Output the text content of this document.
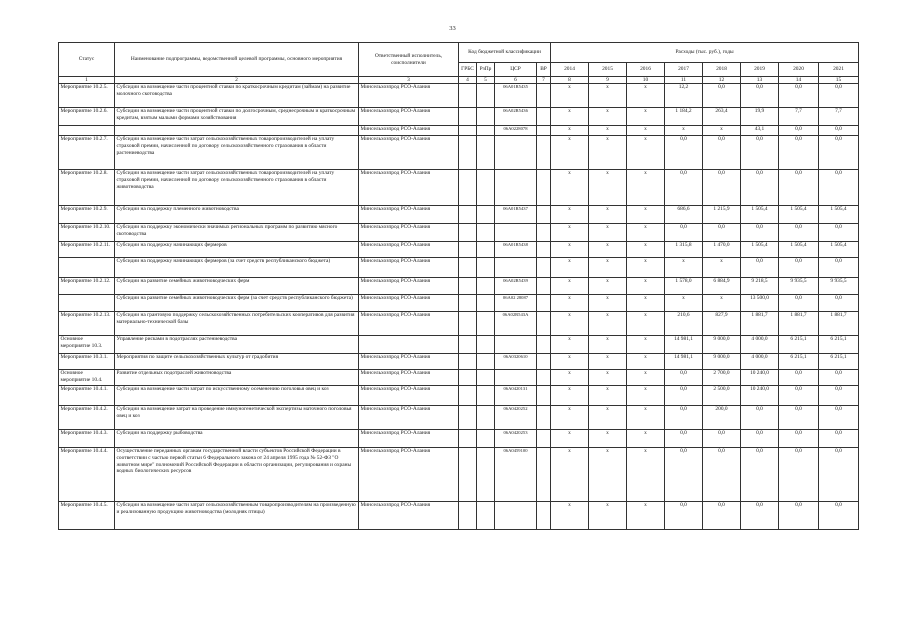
33
Статус	Наименование подпрограммы, ведомственной целевой программы, основного мероприятия	Ответственный исполнитель, соисполнители	Код бюджетной классификации				Расходы (тыс. руб.), годы							
			ГРБС	РзПр	ЦСР	ВР	2014	2015	2016	2017	2018	2019	2020	2021
1	2	3	4	5	6	7	8	9	10	11	12	13	14	15
Мероприятие 10.2.5.	Субсидии на возмещение части процентной ставки по краткосрочным кредитам (займам) на развитие молочного скотоводства	Минсельхозпрод РСО-Алания			06А01R5435		х	х	х	12,2	0,0	0,0	0,0	0,0
Мероприятие 10.2.6.	Субсидии на возмещение части процентной ставки по долгосрочным, среднесрочным и краткосрочным кредитам, взятым малыми формами хозяйствования	Минсельхозпрод РСО-Алания			06А02R5436		х	х	х	1 184,2	263,4	19,9	7,7	7,7
		Минсельхозпрод РСО-Алания			06А0228078		х	х	х	х	х	43,1	0,0	0,0
Мероприятие 10.2.7.	Субсидии на возмещение части затрат сельскохозяйственных товаропроизводителей на уплату страховой премии, начисленной по договору сельскохозяйственного страхования в области растениеводства	Минсельхозпрод РСО-Алания					х	х	х	0,0	0,0	0,0	0,0	0,0
Мероприятие 10.2.8.	Субсидии на возмещение части затрат сельскохозяйственных товаропроизводителей на уплату страховой премии, начисленной по договору сельскохозяйственного страхования в области животноводства	Минсельхозпрод РСО-Алания					х	х	х	0,0	0,0	0,0	0,0	0,0
Мероприятие 10.2.9.	Субсидии на поддержку племенного животноводства	Минсельхозпрод РСО-Алания			06А01R5437		х	х	х	686,6	1 215,9	1 505,4	1 505,4	1 505,4
Мероприятие 10.2.10.	Субсидии на поддержку экономически значимых региональных программ по развитию мясного скотоводства	Минсельхозпрод РСО-Алания					х	х	х	0,0	0,0	0,0	0,0	0,0
Мероприятие 10.2.11.	Субсидии на поддержку начинающих фермеров	Минсельхозпрод РСО-Алания			06А01R5438		х	х	х	1 315,8	1 470,0	1 505,4	1 505,4	1 505,4
	Субсидии на поддержку начинающих фермеров (за счет средств республиканского бюджета)	Минсельхозпрод РСО-Алания					х	х	х	х	х	0,0	0,0	0,0
Мероприятие 10.2.12.	Субсидии на развитие семейных животноводческих ферм	Минсельхозпрод РСО-Алания			06А02R5439		х	х	х	1 578,0	6 884,9	9 218,5	9 935,5	9 935,5
	Субсидии на развитие семейных животноводческих ферм (за счет средств республиканского бюджета)	Минсельхозпрод РСО-Алания			06А02 28087		х	х	х	х	х	13 500,0	0,0	0,0
Мероприятие 10.2.13.	Субсидии на грантовую поддержку сельскохозяйственных потребительских кооперативов для развития материально-технической базы	Минсельхозпрод РСО-Алания			06А02R543А		х	х	х	210,6	827,9	1 881,7	1 881,7	1 881,7
Основное мероприятие 10.3.	Управление рисками в подотраслях растениеводства						х	х	х	14 981,1	9 000,0	4 000,0	6 215,1	6 215,1
Мероприятие 10.3.1.	Мероприятия по защите сельскохозяйственных культур от градобития	Минсельхозпрод РСО-Алания			06А0320610		х	х	х	14 981,1	9 000,0	4 000,0	6 215,1	6 215,1
Основное мероприятие 10.4.	Развитие отдельных подотраслей животноводства	Минсельхозпрод РСО-Алания					х	х	х	0,0	2 700,0	10 240,0	0,0	0,0
Мероприятие 10.4.1.	Субсидии на возмещение части затрат по искусственному осеменению поголовья овец и коз	Минсельхозпрод РСО-Алания			06А0420131		х	х	х	0,0	2 500,0	10 240,0	0,0	0,0
Мероприятие 10.4.2.	Субсидии на возмещение затрат на проведение иммуногенетической экспертизы маточного поголовья овец и коз	Минсельхозпрод РСО-Алания			06А0420252		х	х	х	0,0	200,0	0,0	0,0	0,0
Мероприятие 10.4.3.	Субсидии на поддержку рыбоводства	Минсельхозпрод РСО-Алания			06А0420253		х	х	х	0,0	0,0	0,0	0,0	0,0
Мероприятие 10.4.4.	Осуществление переданных органам государственной власти субъектов Российской Федерации в соответствии с частью первой статьи 6 Федерального закона от 24 апреля 1995 года № 52-ФЗ "О животном мире" полномочий Российской Федерации в области организации, регулирования и охраны водных биологических ресурсов	Минсельхозпрод РСО-Алания			06А0459100		х	х	х	0,0	0,0	0,0	0,0	0,0
Мероприятие 10.4.5.	Субсидии на возмещение части затрат сельскохозяйственным товаропроизводителям на произведенную и реализованную продукцию животноводства (молодняк птицы)	Минсельхозпрод РСО-Алания					х	х	х	0,0	0,0	0,0	0,0	0,0
